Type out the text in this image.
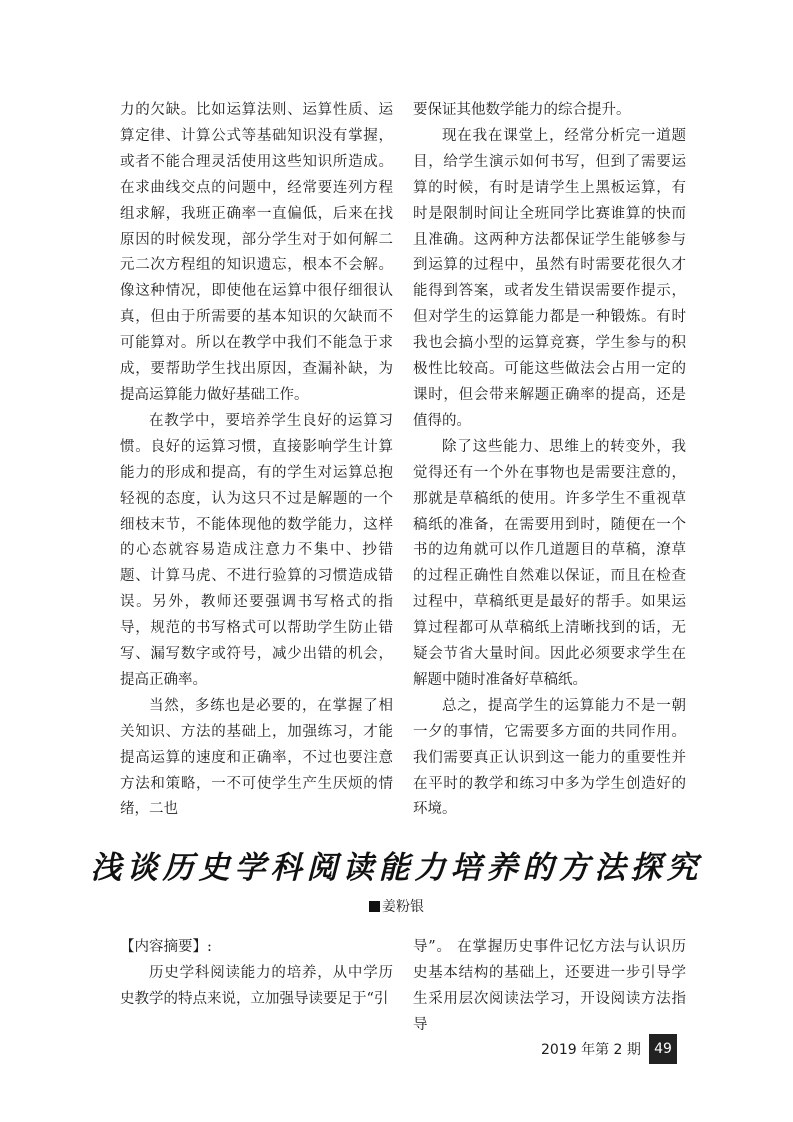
力的欠缺。比如运算法则、运算性质、运算定律、计算公式等基础知识没有掌握，或者不能合理灵活使用这些知识所造成。在求曲线交点的问题中，经常要连列方程组求解，我班正确率一直偏低，后来在找原因的时候发现，部分学生对于如何解二元二次方程组的知识遗忘，根本不会解。像这种情况，即使他在运算中很仔细很认真，但由于所需要的基本知识的欠缺而不可能算对。所以在教学中我们不能急于求成，要帮助学生找出原因，查漏补缺，为提高运算能力做好基础工作。

在教学中，要培养学生良好的运算习惯。良好的运算习惯，直接影响学生计算能力的形成和提高，有的学生对运算总抱轻视的态度，认为这只不过是解题的一个细枝末节，不能体现他的数学能力，这样的心态就容易造成注意力不集中、抄错题、计算马虎、不进行验算的习惯造成错误。另外，教师还要强调书写格式的指导，规范的书写格式可以帮助学生防止错写、漏写数字或符号，减少出错的机会，提高正确率。

当然，多练也是必要的，在掌握了相关知识、方法的基础上，加强练习，才能提高运算的速度和正确率，不过也要注意方法和策略，一不可使学生产生厌烦的情绪，二也

要保证其他数学能力的综合提升。

现在我在课堂上，经常分析完一道题目，给学生演示如何书写，但到了需要运算的时候，有时是请学生上黑板运算，有时是限制时间让全班同学比赛谁算的快而且准确。这两种方法都保证学生能够参与到运算的过程中，虽然有时需要花很久才能得到答案，或者发生错误需要作提示，但对学生的运算能力都是一种锻炼。有时我也会搞小型的运算竞赛，学生参与的积极性比较高。可能这些做法会占用一定的课时，但会带来解题正确率的提高，还是值得的。

除了这些能力、思维上的转变外，我觉得还有一个外在事物也是需要注意的，那就是草稿纸的使用。许多学生不重视草稿纸的准备，在需要用到时，随便在一个书的边角就可以作几道题目的草稿，潦草的过程正确性自然难以保证，而且在检查过程中，草稿纸更是最好的帮手。如果运算过程都可从草稿纸上清晰找到的话，无疑会节省大量时间。因此必须要求学生在解题中随时准备好草稿纸。

总之，提高学生的运算能力不是一朝一夕的事情，它需要多方面的共同作用。我们需要真正认识到这一能力的重要性并在平时的教学和练习中多为学生创造好的环境。

浅谈历史学科阅读能力培养的方法探究
姜粉银

【内容摘要】:

历史学科阅读能力的培养，从中学历史教学的特点来说，立加强导读要足于“引

导”。 在掌握历史事件记忆方法与认识历史基本结构的基础上，还要进一步引导学生采用层次阅读法学习，开设阅读方法指导

2019 年第 2 期 49
